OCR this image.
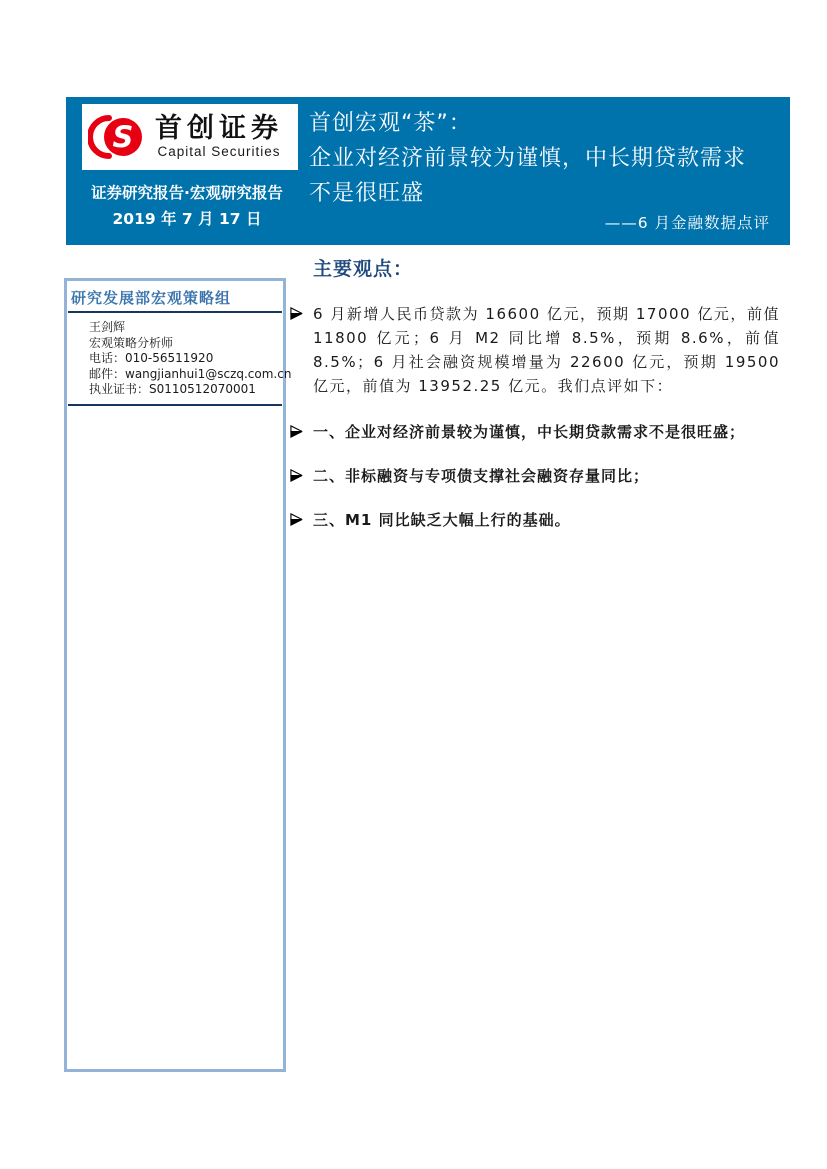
S 首创证券
Capital Securities
证券研究报告·宏观研究报告
2019 年 7 月 17 日
首创宏观“茶”：
企业对经济前景较为谨慎，中长期贷款需求
不是很旺盛
——6 月金融数据点评
研究发展部宏观策略组
王剑辉
宏观策略分析师
电话：010-56511920
邮件：wangjianhui1@sczq.com.cn
执业证书：S0110512070001
主要观点：
6 月新增人民币贷款为 16600 亿元，预期 17000 亿元，前值 11800 亿元；6 月 M2 同比增 8.5%，预期 8.6%，前值 8.5%；6 月社会融资规模增量为 22600 亿元，预期 19500 亿元，前值为 13952.25 亿元。我们点评如下：
一、企业对经济前景较为谨慎，中长期贷款需求不是很旺盛；
二、非标融资与专项债支撑社会融资存量同比；
三、M1 同比缺乏大幅上行的基础。
